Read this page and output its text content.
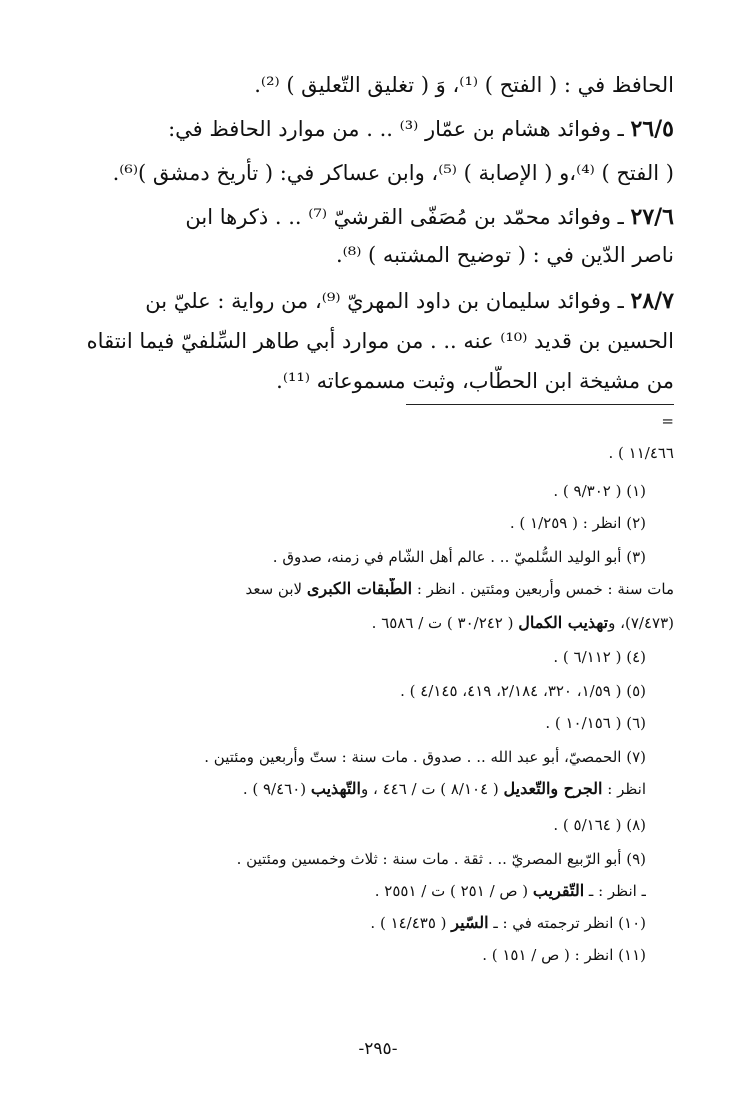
الحافظ في : ( الفتح ) ⁽¹⁾، وَ ( تغليق التّعليق ) ⁽²⁾.
٢٦/٥ ـ وفوائد هشام بن عمّار ⁽³⁾ .. . من موارد الحافظ في:
( الفتح ) ⁽⁴⁾،و ( الإصابة ) ⁽⁵⁾، وابن عساكر في: ( تأريخ دمشق )⁽⁶⁾.
٢٧/٦ ـ وفوائد محمّد بن مُصَفّى القرشيّ ⁽⁷⁾ .. . ذكرها ابن
ناصر الدّين في : ( توضيح المشتبه ) ⁽⁸⁾.
٢٨/٧ ـ وفوائد سليمان بن داود المهريّ ⁽⁹⁾، من رواية : عليّ بن
الحسين بن قديد ⁽¹⁰⁾ عنه .. . من موارد أبي طاهر السِّلفيّ فيما انتقاه
من مشيخة ابن الحطّاب، وثبت مسموعاته ⁽¹¹⁾.
=
١١/٤٦٦ ) .
(١) ( ٩/٣٠٢ ) .
(٢) انظر : ( ١/٢٥٩ ) .
(٣) أبو الوليد السُّلميّ .. . عالم أهل الشّام في زمنه، صدوق .
مات سنة : خمس وأربعين ومئتين . انظر : الطّبقات الكبرى لابن سعد
(٧/٤٧٣)، وتهذيب الكمال ( ٣٠/٢٤٢ ) ت / ٦٥٨٦ .
(٤) ( ٦/١١٢ ) .
(٥) ( ١/٥٩، ٣٢٠، ٢/١٨٤، ٤١٩، ٤/١٤٥ ) .
(٦) ( ١٠/١٥٦ ) .
(٧) الحمصيّ، أبو عبد الله .. . صدوق . مات سنة : ستّ وأربعين ومئتين .
انظر : الجرح والتّعديل ( ٨/١٠٤ ) ت / ٤٤٦ ، والتّهذيب (٩/٤٦٠ ) .
(٨) ( ٥/١٦٤ ) .
(٩) أبو الرّبيع المصريّ .. . ثقة . مات سنة : ثلاث وخمسين ومئتين .
ـ انظر : ـ التّقريب ( ص / ٢٥١ ) ت / ٢٥٥١ .
(١٠) انظر ترجمته في : ـ السّير ( ١٤/٤٣٥ ) .
(١١) انظر : ( ص / ١٥١ ) .
-٢٩٥-
